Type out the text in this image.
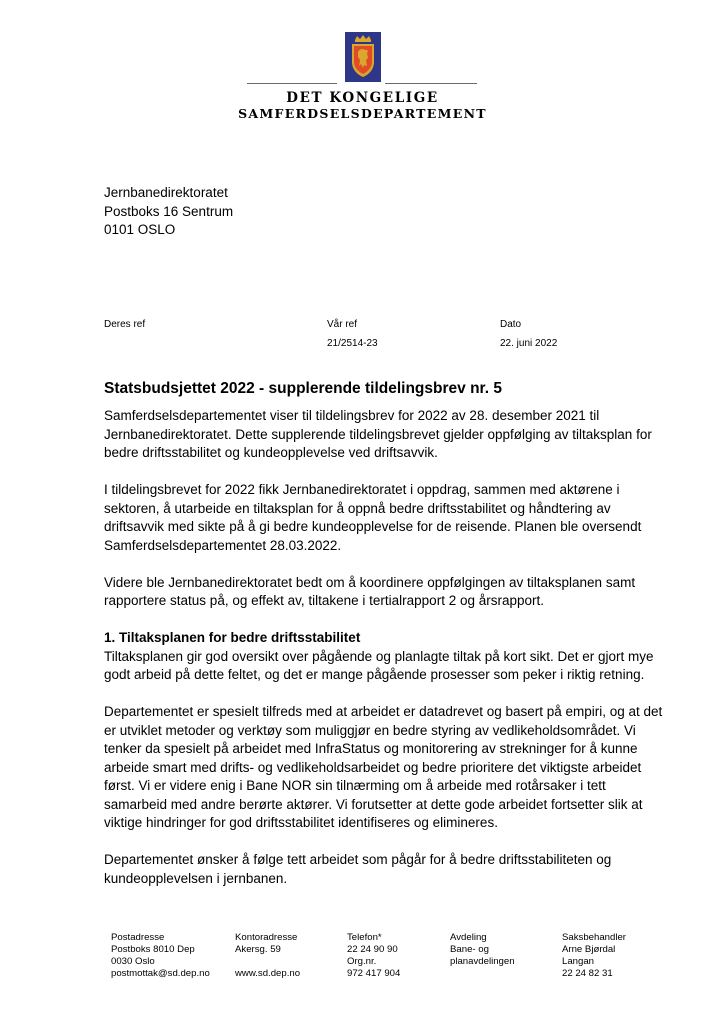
DET KONGELIGE
SAMFERDSELSDEPARTEMENT
Jernbanedirektoratet
Postboks 16 Sentrum
0101 OSLO
Deres ref	Vår ref
21/2514-23
Dato
22. juni 2022
Statsbudsjettet 2022 - supplerende tildelingsbrev nr. 5

Samferdselsdepartementet viser til tildelingsbrev for 2022 av 28. desember 2021 til Jernbanedirektoratet. Dette supplerende tildelingsbrevet gjelder oppfølging av tiltaksplan for bedre driftsstabilitet og kundeopplevelse ved driftsavvik.

I tildelingsbrevet for 2022 fikk Jernbanedirektoratet i oppdrag, sammen med aktørene i sektoren, å utarbeide en tiltaksplan for å oppnå bedre driftsstabilitet og håndtering av driftsavvik med sikte på å gi bedre kundeopplevelse for de reisende. Planen ble oversendt Samferdselsdepartementet 28.03.2022.

Videre ble Jernbanedirektoratet bedt om å koordinere oppfølgingen av tiltaksplanen samt rapportere status på, og effekt av, tiltakene i tertialrapport 2 og årsrapport.

1. Tiltaksplanen for bedre driftsstabilitet

Tiltaksplanen gir god oversikt over pågående og planlagte tiltak på kort sikt. Det er gjort mye godt arbeid på dette feltet, og det er mange pågående prosesser som peker i riktig retning.

Departementet er spesielt tilfreds med at arbeidet er datadrevet og basert på empiri, og at det er utviklet metoder og verktøy som muliggjør en bedre styring av vedlikeholdsområdet. Vi tenker da spesielt på arbeidet med InfraStatus og monitorering av strekninger for å kunne arbeide smart med drifts- og vedlikeholdsarbeidet og bedre prioritere det viktigste arbeidet først. Vi er videre enig i Bane NOR sin tilnærming om å arbeide med rotårsaker i tett samarbeid med andre berørte aktører. Vi forutsetter at dette gode arbeidet fortsetter slik at viktige hindringer for god driftsstabilitet identifiseres og elimineres.

Departementet ønsker å følge tett arbeidet som pågår for å bedre driftsstabiliteten og kundeopplevelsen i jernbanen.

Postadresse
Postboks 8010 Dep
0030 Oslo
postmottak@sd.dep.no
Kontoradresse
Akersg. 59

www.sd.dep.no
Telefon*
22 24 90 90
Org.nr.
972 417 904
Avdeling
Bane- og
planavdelingen
Saksbehandler
Arne Bjørdal
Langan
22 24 82 31
